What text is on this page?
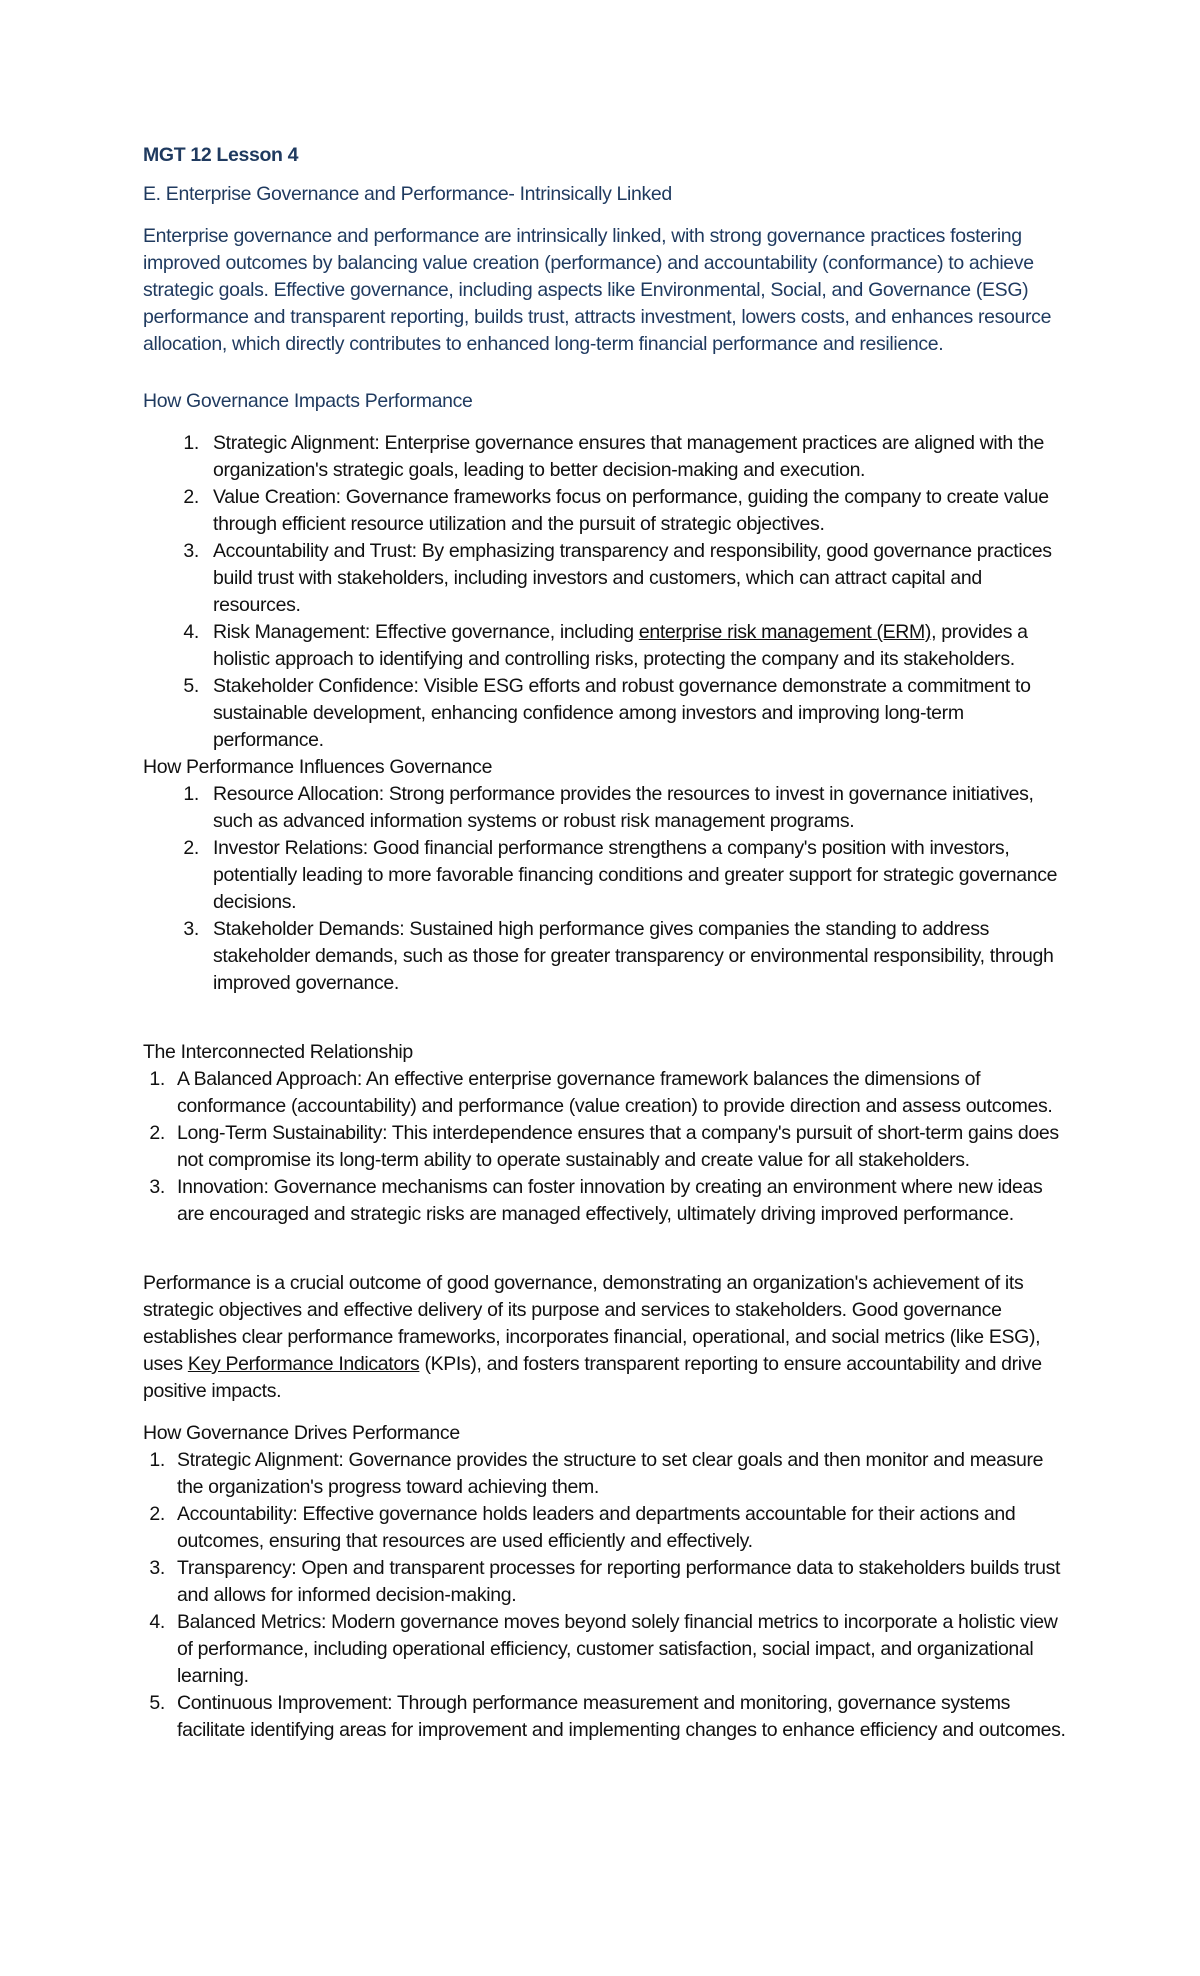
MGT 12 Lesson 4

E. Enterprise Governance and Performance- Intrinsically Linked

Enterprise governance and performance are intrinsically linked, with strong governance practices fostering improved outcomes by balancing value creation (performance) and accountability (conformance) to achieve strategic goals. Effective governance, including aspects like Environmental, Social, and Governance (ESG) performance and transparent reporting, builds trust, attracts investment, lowers costs, and enhances resource allocation, which directly contributes to enhanced long-term financial performance and resilience.

How Governance Impacts Performance

1. Strategic Alignment: Enterprise governance ensures that management practices are aligned with the organization's strategic goals, leading to better decision-making and execution.
2. Value Creation: Governance frameworks focus on performance, guiding the company to create value through efficient resource utilization and the pursuit of strategic objectives.
3. Accountability and Trust: By emphasizing transparency and responsibility, good governance practices build trust with stakeholders, including investors and customers, which can attract capital and resources.
4. Risk Management: Effective governance, including enterprise risk management (ERM), provides a holistic approach to identifying and controlling risks, protecting the company and its stakeholders.
5. Stakeholder Confidence: Visible ESG efforts and robust governance demonstrate a commitment to sustainable development, enhancing confidence among investors and improving long-term performance.

How Performance Influences Governance

1. Resource Allocation: Strong performance provides the resources to invest in governance initiatives, such as advanced information systems or robust risk management programs.
2. Investor Relations: Good financial performance strengthens a company's position with investors, potentially leading to more favorable financing conditions and greater support for strategic governance decisions.
3. Stakeholder Demands: Sustained high performance gives companies the standing to address stakeholder demands, such as those for greater transparency or environmental responsibility, through improved governance.

The Interconnected Relationship

1. A Balanced Approach: An effective enterprise governance framework balances the dimensions of conformance (accountability) and performance (value creation) to provide direction and assess outcomes.
2. Long-Term Sustainability: This interdependence ensures that a company's pursuit of short-term gains does not compromise its long-term ability to operate sustainably and create value for all stakeholders.
3. Innovation: Governance mechanisms can foster innovation by creating an environment where new ideas are encouraged and strategic risks are managed effectively, ultimately driving improved performance.

Performance is a crucial outcome of good governance, demonstrating an organization's achievement of its strategic objectives and effective delivery of its purpose and services to stakeholders. Good governance establishes clear performance frameworks, incorporates financial, operational, and social metrics (like ESG), uses Key Performance Indicators (KPIs), and fosters transparent reporting to ensure accountability and drive positive impacts.

How Governance Drives Performance

1. Strategic Alignment: Governance provides the structure to set clear goals and then monitor and measure the organization's progress toward achieving them.
2. Accountability: Effective governance holds leaders and departments accountable for their actions and outcomes, ensuring that resources are used efficiently and effectively.
3. Transparency: Open and transparent processes for reporting performance data to stakeholders builds trust and allows for informed decision-making.
4. Balanced Metrics: Modern governance moves beyond solely financial metrics to incorporate a holistic view of performance, including operational efficiency, customer satisfaction, social impact, and organizational learning.
5. Continuous Improvement: Through performance measurement and monitoring, governance systems facilitate identifying areas for improvement and implementing changes to enhance efficiency and outcomes.
